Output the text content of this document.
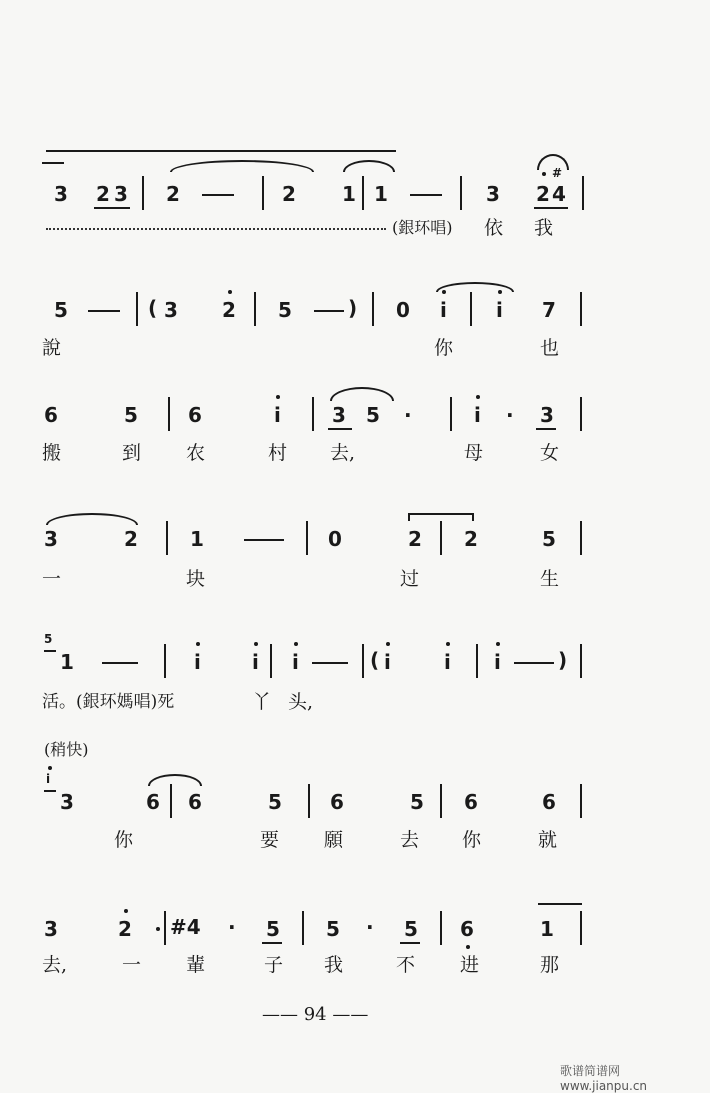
3 2 3 2	2 1 1	3 2
#
4
(銀环唱) 依 我
5	( 3 2 5	) 0 i i 7
說	你	也
6	5	6	i	3 5 ·	i · 3
搬	到 农	村 去,	母	女
3	2	1	0	2 2	5
一	块	过	生
5
1	i	i i	( i	i i	)
活。(銀环媽唱)死	丫 头,
(稍快)
i
3	6 6	5 6	5 6	6
你	要 願	去 你	就
3	2 #4 · 5 5 · 5 6	1
去,	一 輩	子 我	不 进	那
—— 94 ——
歌谱简谱网 www.jianpu.cn
